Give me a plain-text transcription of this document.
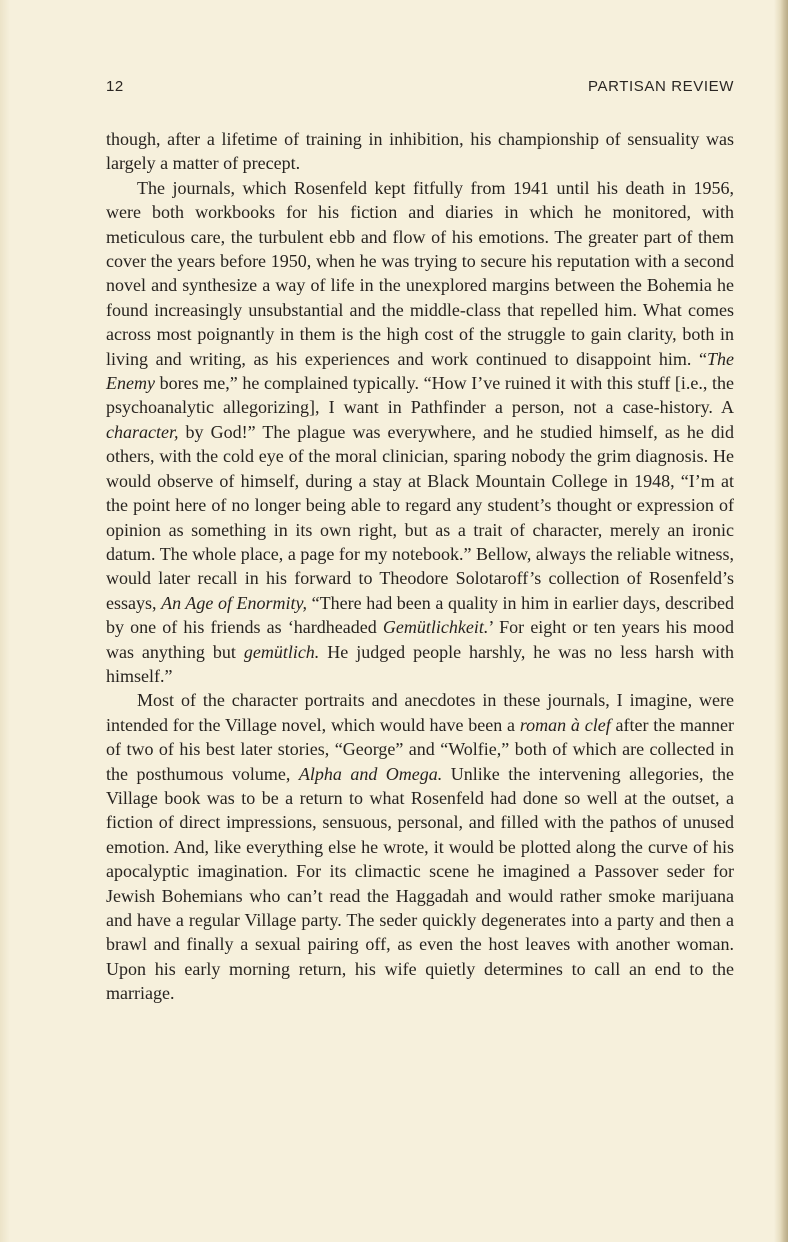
12	PARTISAN REVIEW

though, after a lifetime of training in inhibition, his championship of sensuality was largely a matter of precept.

The journals, which Rosenfeld kept fitfully from 1941 until his death in 1956, were both workbooks for his fiction and diaries in which he monitored, with meticulous care, the turbulent ebb and flow of his emotions. The greater part of them cover the years before 1950, when he was trying to secure his reputation with a second novel and synthesize a way of life in the unexplored margins between the Bohemia he found increasingly unsubstantial and the middle-class that repelled him. What comes across most poignantly in them is the high cost of the struggle to gain clarity, both in living and writing, as his experiences and work continued to disappoint him. “The Enemy bores me,” he complained typically. “How I’ve ruined it with this stuff [i.e., the psychoanalytic allegorizing], I want in Pathfinder a person, not a case-history. A character, by God!” The plague was everywhere, and he studied himself, as he did others, with the cold eye of the moral clinician, sparing nobody the grim diagnosis. He would observe of himself, during a stay at Black Mountain College in 1948, “I’m at the point here of no longer being able to regard any student’s thought or expression of opinion as something in its own right, but as a trait of character, merely an ironic datum. The whole place, a page for my notebook.” Bellow, always the reliable witness, would later recall in his forward to Theodore Solotaroff’s collection of Rosenfeld’s essays, An Age of Enormity, “There had been a quality in him in earlier days, described by one of his friends as ‘hardheaded Gemütlichkeit.’ For eight or ten years his mood was anything but gemütlich. He judged people harshly, he was no less harsh with himself.”

Most of the character portraits and anecdotes in these journals, I imagine, were intended for the Village novel, which would have been a roman à clef after the manner of two of his best later stories, “George” and “Wolfie,” both of which are collected in the posthumous volume, Alpha and Omega. Unlike the intervening allegories, the Village book was to be a return to what Rosenfeld had done so well at the outset, a fiction of direct impressions, sensuous, personal, and filled with the pathos of unused emotion. And, like everything else he wrote, it would be plotted along the curve of his apocalyptic imagination. For its climactic scene he imagined a Passover seder for Jewish Bohemians who can’t read the Haggadah and would rather smoke marijuana and have a regular Village party. The seder quickly degenerates into a party and then a brawl and finally a sexual pairing off, as even the host leaves with another woman. Upon his early morning return, his wife quietly determines to call an end to the marriage.
